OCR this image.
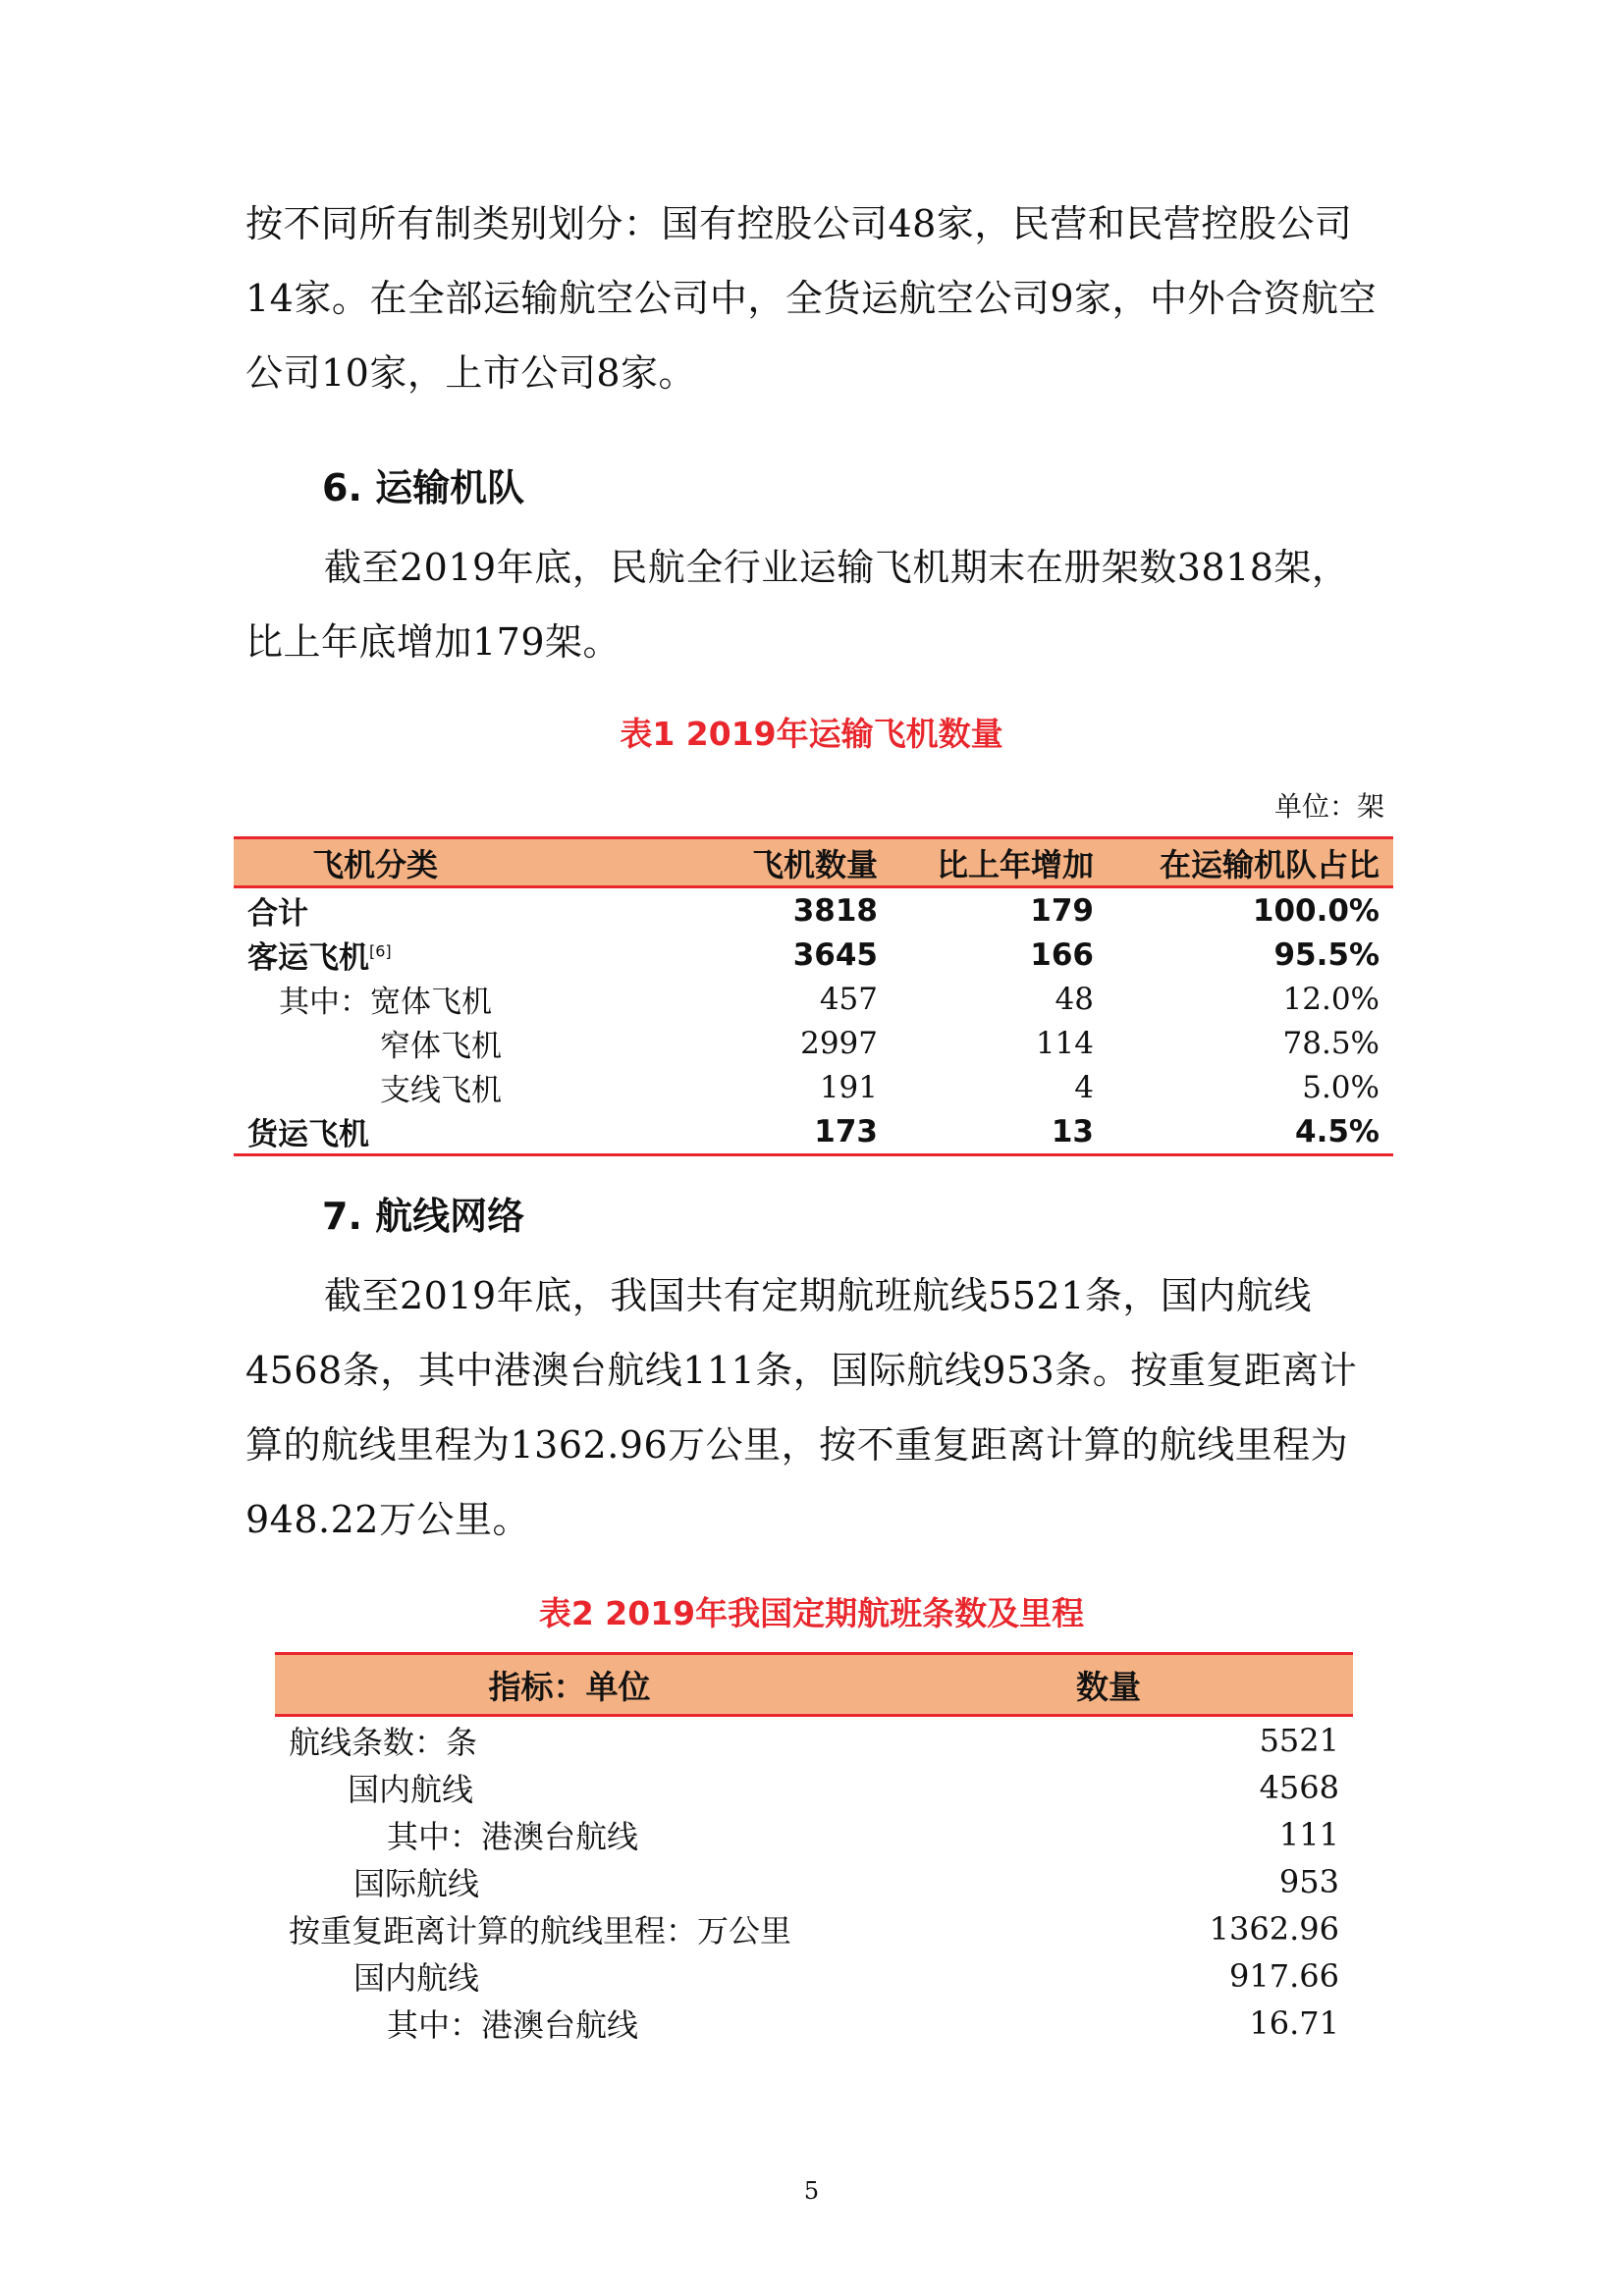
按不同所有制类别划分：国有控股公司48家，民营和民营控股公司14家。在全部运输航空公司中，全货运航空公司9家，中外合资航空公司10家，上市公司8家。

6. 运输机队

截至2019年底，民航全行业运输飞机期末在册架数3818架，比上年底增加179架。

表1 2019年运输飞机数量

单位：架

飞机分类	飞机数量	比上年增加	在运输机队占比
合计	3818	179	100.0%
客运飞机[6]	3645	166	95.5%
其中：宽体飞机	457	48	12.0%
窄体飞机	2997	114	78.5%
支线飞机	191	4	5.0%
货运飞机	173	13	4.5%

7. 航线网络

截至2019年底，我国共有定期航班航线5521条，国内航线4568条，其中港澳台航线111条，国际航线953条。按重复距离计算的航线里程为1362.96万公里，按不重复距离计算的航线里程为948.22万公里。

表2 2019年我国定期航班条数及里程

指标：单位	数量
航线条数：条	5521
国内航线	4568
其中：港澳台航线	111
国际航线	953
按重复距离计算的航线里程：万公里	1362.96
国内航线	917.66
其中：港澳台航线	16.71

5
